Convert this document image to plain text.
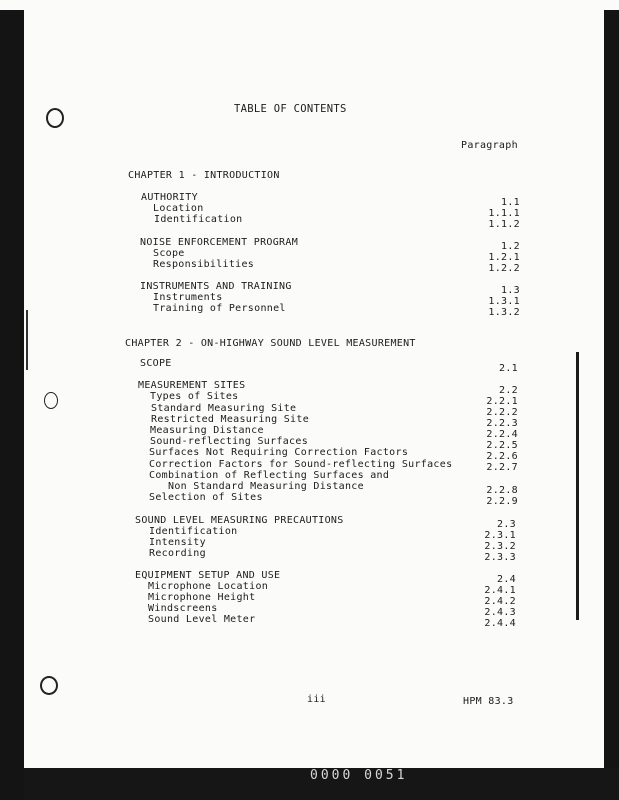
TABLE OF CONTENTS
Paragraph
CHAPTER 1 - INTRODUCTION
AUTHORITY	1.1
Location	1.1.1
Identification	1.1.2
NOISE ENFORCEMENT PROGRAM	1.2
Scope	1.2.1
Responsibilities	1.2.2
INSTRUMENTS AND TRAINING	1.3
Instruments	1.3.1
Training of Personnel	1.3.2
CHAPTER 2 - ON-HIGHWAY SOUND LEVEL MEASUREMENT
SCOPE	2.1
MEASUREMENT SITES	2.2
Types of Sites	2.2.1
Standard Measuring Site	2.2.2
Restricted Measuring Site	2.2.3
Measuring Distance	2.2.4
Sound-reflecting Surfaces	2.2.5
Surfaces Not Requiring Correction Factors	2.2.6
Correction Factors for Sound-reflecting Surfaces	2.2.7
Combination of Reflecting Surfaces and
Non Standard Measuring Distance	2.2.8
Selection of Sites	2.2.9
SOUND LEVEL MEASURING PRECAUTIONS	2.3
Identification	2.3.1
Intensity	2.3.2
Recording	2.3.3
EQUIPMENT SETUP AND USE	2.4
Microphone Location	2.4.1
Microphone Height	2.4.2
Windscreens	2.4.3
Sound Level Meter	2.4.4
iii	HPM 83.3
0000 0051
